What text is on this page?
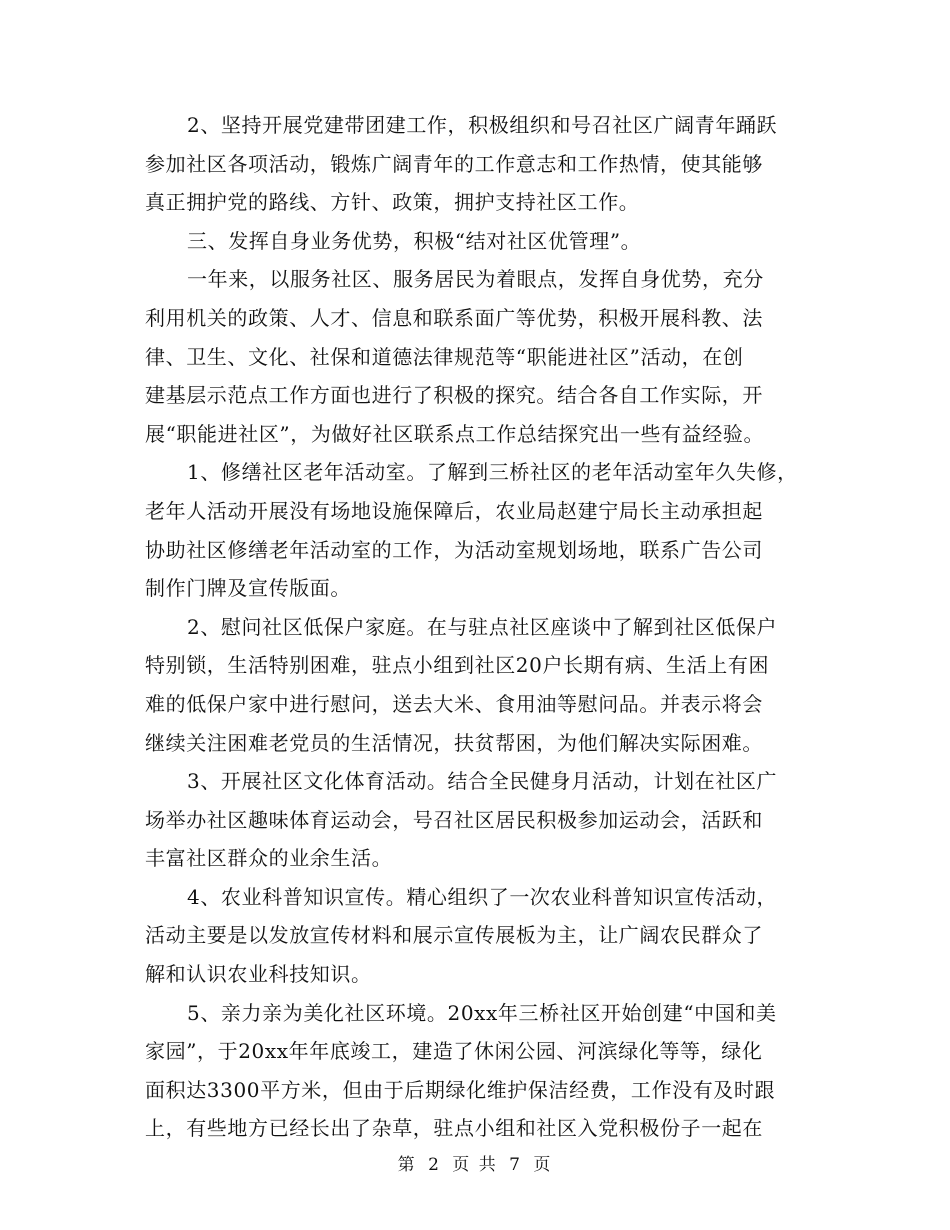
2、坚持开展党建带团建工作，积极组织和号召社区广阔青年踊跃
参加社区各项活动，锻炼广阔青年的工作意志和工作热情，使其能够
真正拥护党的路线、方针、政策，拥护支持社区工作。

三、发挥自身业务优势，积极“结对社区优管理”。

一年来，以服务社区、服务居民为着眼点，发挥自身优势，充分
利用机关的政策、人才、信息和联系面广等优势，积极开展科教、法
律、卫生、文化、社保和道德法律规范等“职能进社区”活动，在创
建基层示范点工作方面也进行了积极的探究。结合各自工作实际，开
展“职能进社区”，为做好社区联系点工作总结探究出一些有益经验。

1、修缮社区老年活动室。了解到三桥社区的老年活动室年久失修，
老年人活动开展没有场地设施保障后，农业局赵建宁局长主动承担起
协助社区修缮老年活动室的工作，为活动室规划场地，联系广告公司
制作门牌及宣传版面。

2、慰问社区低保户家庭。在与驻点社区座谈中了解到社区低保户
特别锁，生活特别困难，驻点小组到社区20户长期有病、生活上有困
难的低保户家中进行慰问，送去大米、食用油等慰问品。并表示将会
继续关注困难老党员的生活情况，扶贫帮困，为他们解决实际困难。

3、开展社区文化体育活动。结合全民健身月活动，计划在社区广
场举办社区趣味体育运动会，号召社区居民积极参加运动会，活跃和
丰富社区群众的业余生活。

4、农业科普知识宣传。精心组织了一次农业科普知识宣传活动，
活动主要是以发放宣传材料和展示宣传展板为主，让广阔农民群众了
解和认识农业科技知识。

5、亲力亲为美化社区环境。20xx年三桥社区开始创建“中国和美
家园”，于20xx年年底竣工，建造了休闲公园、河滨绿化等等，绿化
面积达3300平方米，但由于后期绿化维护保洁经费，工作没有及时跟
上，有些地方已经长出了杂草，驻点小组和社区入党积极份子一起在

第 2 页 共 7 页
